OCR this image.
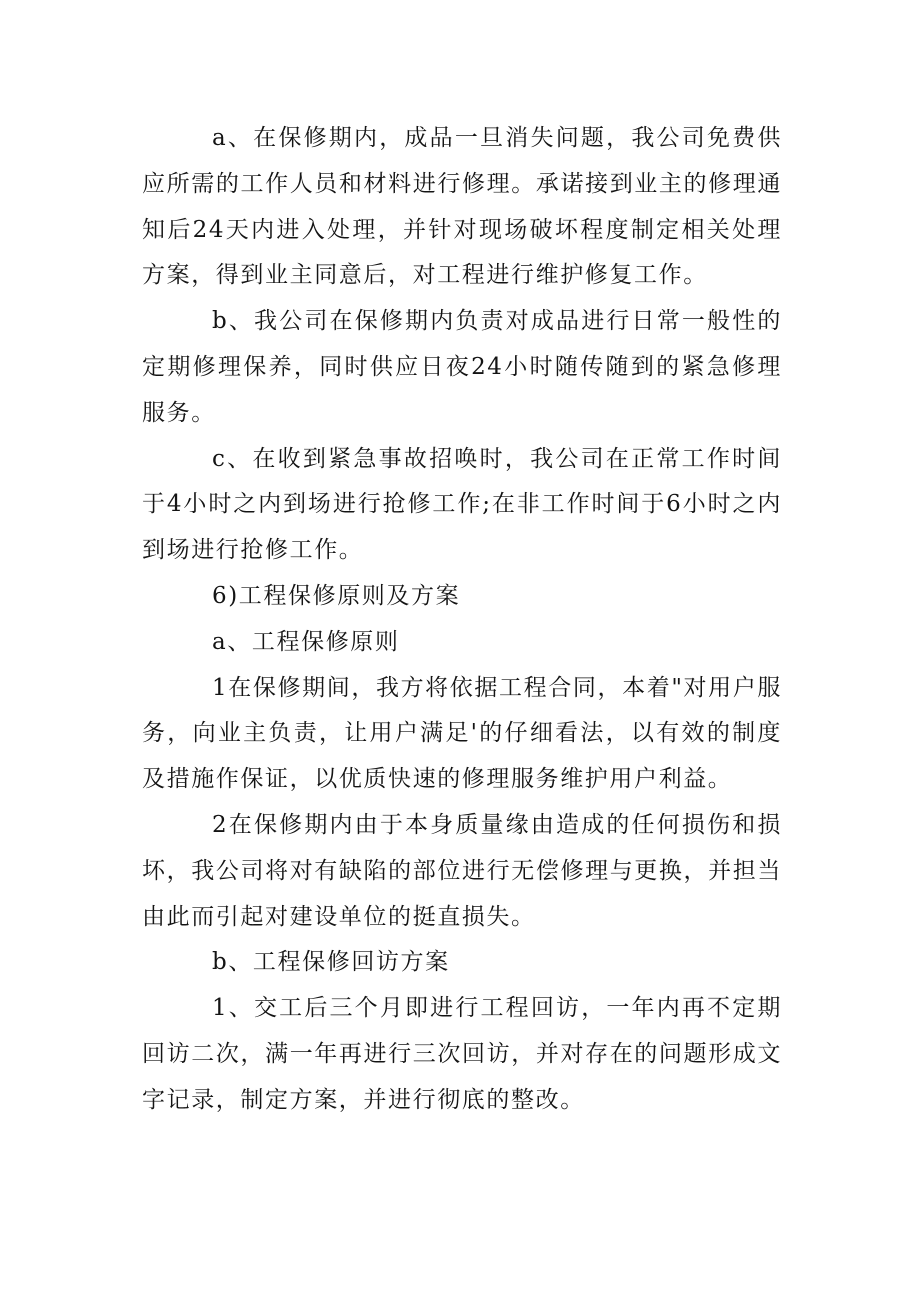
a、在保修期内，成品一旦消失问题，我公司免费供应所需的工作人员和材料进行修理。承诺接到业主的修理通知后24天内进入处理，并针对现场破坏程度制定相关处理方案，得到业主同意后，对工程进行维护修复工作。

b、我公司在保修期内负责对成品进行日常一般性的定期修理保养，同时供应日夜24小时随传随到的紧急修理服务。

c、在收到紧急事故招唤时，我公司在正常工作时间于4小时之内到场进行抢修工作;在非工作时间于6小时之内到场进行抢修工作。

6)工程保修原则及方案

a、工程保修原则

1在保修期间，我方将依据工程合同，本着"对用户服务，向业主负责，让用户满足'的仔细看法，以有效的制度及措施作保证，以优质快速的修理服务维护用户利益。

2在保修期内由于本身质量缘由造成的任何损伤和损坏，我公司将对有缺陷的部位进行无偿修理与更换，并担当由此而引起对建设单位的挺直损失。

b、工程保修回访方案

1、交工后三个月即进行工程回访，一年内再不定期回访二次，满一年再进行三次回访，并对存在的问题形成文字记录，制定方案，并进行彻底的整改。
